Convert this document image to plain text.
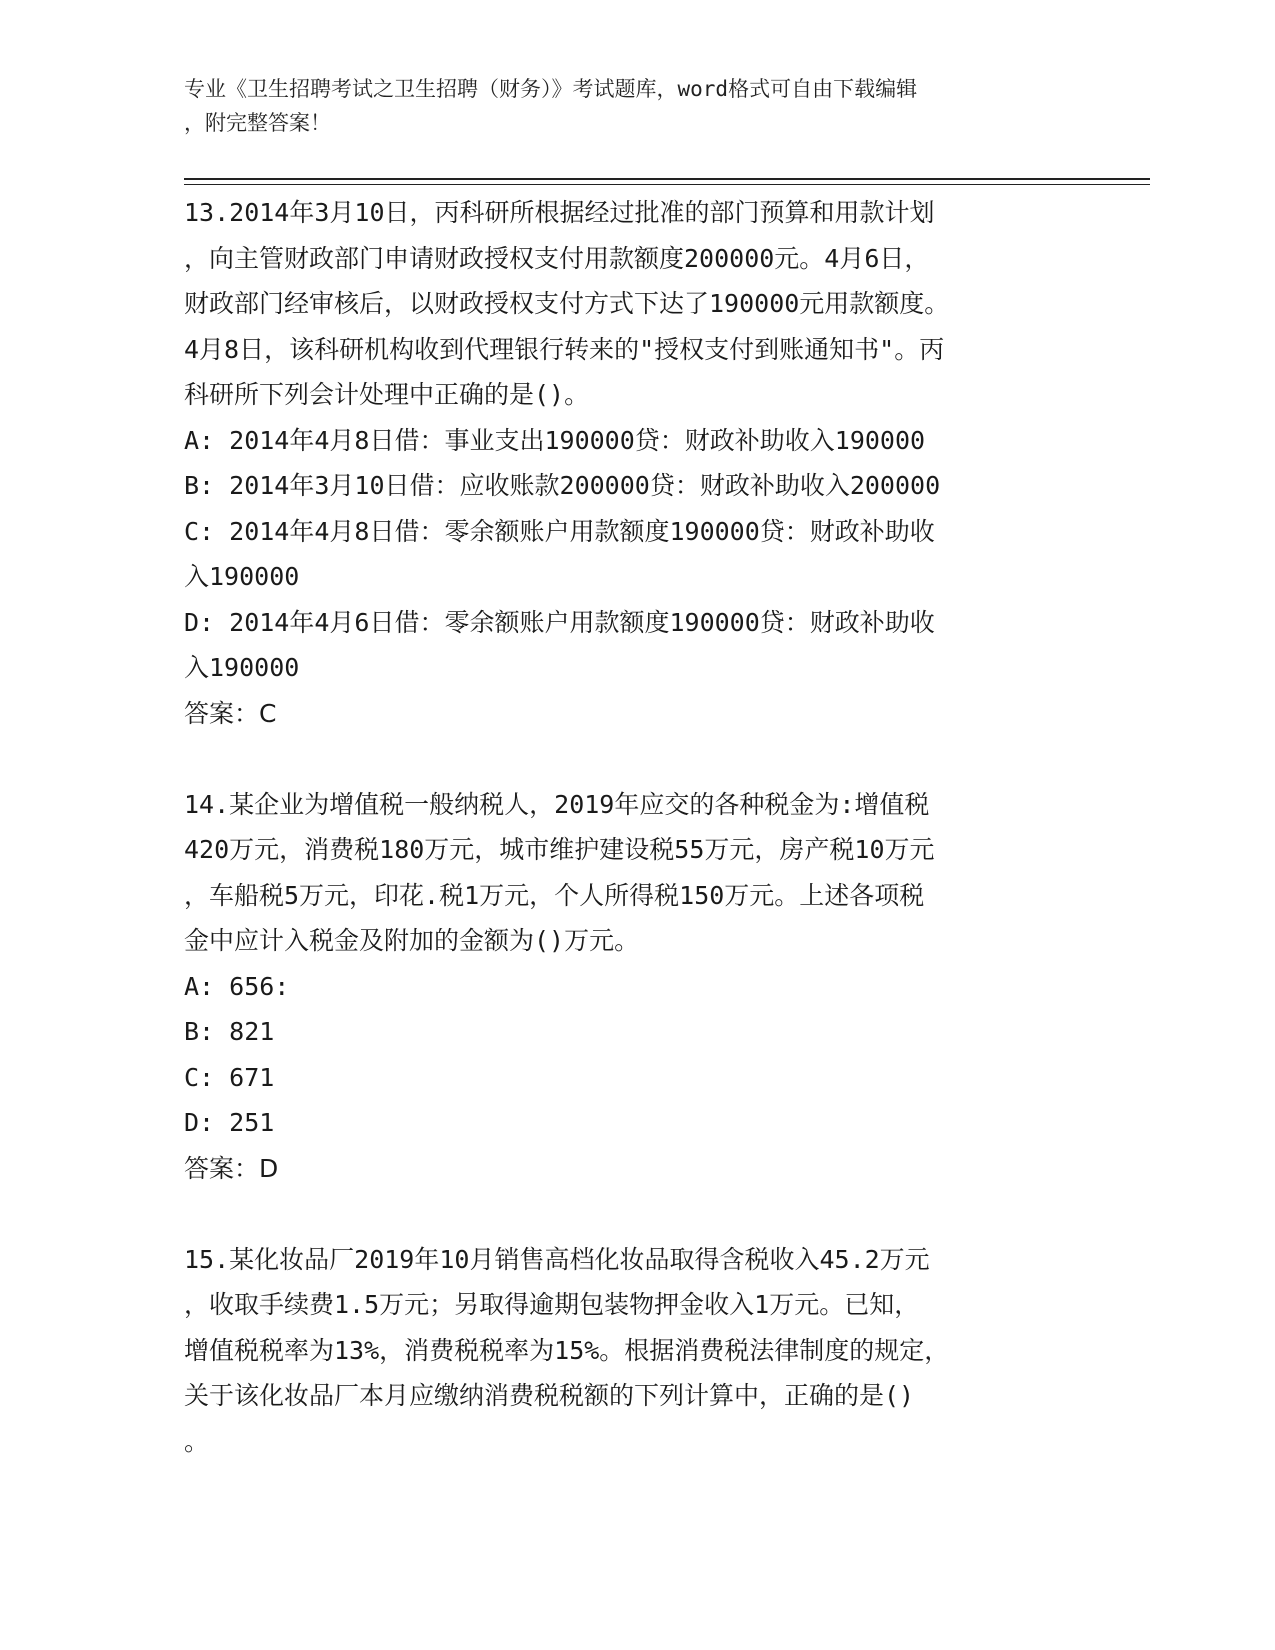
专业《卫生招聘考试之卫生招聘（财务）》考试题库，word格式可自由下载编辑
，附完整答案！

13.2014年3月10日，丙科研所根据经过批准的部门预算和用款计划

，向主管财政部门申请财政授权支付用款额度200000元。4月6日，

财政部门经审核后，以财政授权支付方式下达了190000元用款额度。

4月8日，该科研机构收到代理银行转来的"授权支付到账通知书"。丙

科研所下列会计处理中正确的是()。

A: 2014年4月8日借：事业支出190000贷：财政补助收入190000

B: 2014年3月10日借：应收账款200000贷：财政补助收入200000

C: 2014年4月8日借：零余额账户用款额度190000贷：财政补助收

入190000

D: 2014年4月6日借：零余额账户用款额度190000贷：财政补助收

入190000

答案：C

14.某企业为增值税一般纳税人，2019年应交的各种税金为:增值税

420万元，消费税180万元，城市维护建设税55万元，房产税10万元

，车船税5万元，印花.税1万元，个人所得税150万元。上述各项税

金中应计入税金及附加的金额为()万元。

A: 656:

B: 821

C: 671

D: 251

答案：D

15.某化妆品厂2019年10月销售高档化妆品取得含税收入45.2万元

，收取手续费1.5万元；另取得逾期包装物押金收入1万元。已知，

增值税税率为13%，消费税税率为15%。根据消费税法律制度的规定，

关于该化妆品厂本月应缴纳消费税税额的下列计算中，正确的是()

。
